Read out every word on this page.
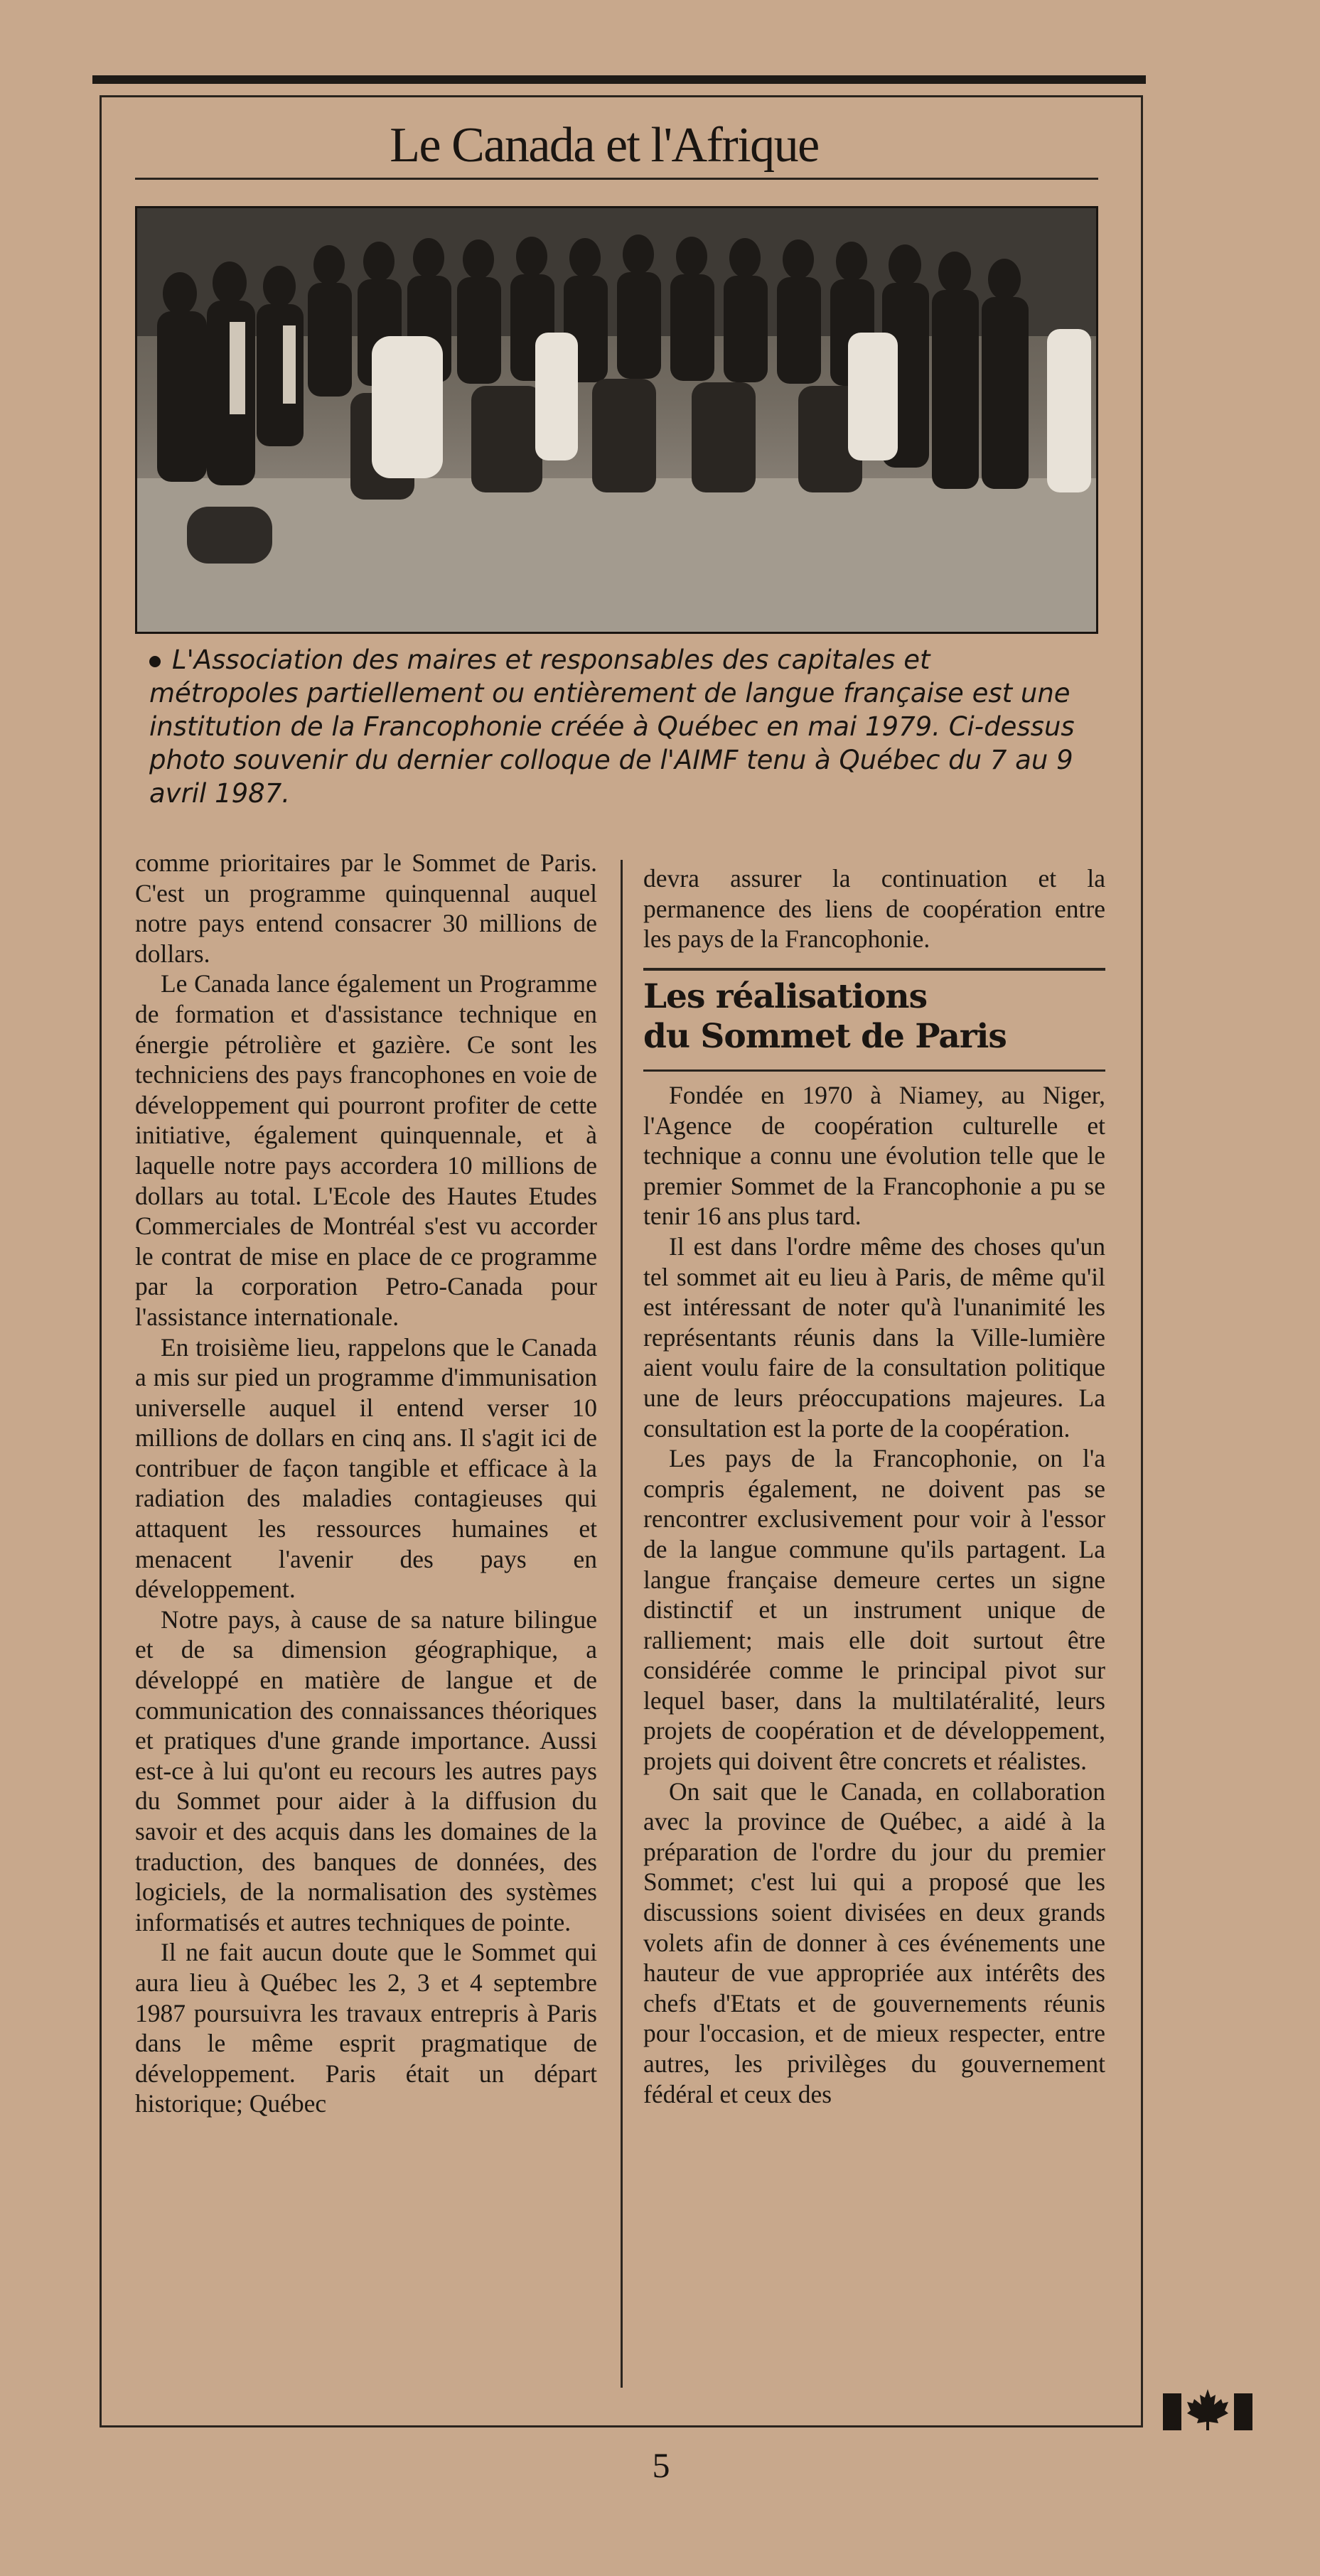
Le Canada et l'Afrique
L'Association des maires et responsables des capitales et métropoles partiellement ou entièrement de langue française est une institution de la Francophonie créée à Québec en mai 1979. Ci-dessus photo souvenir du dernier colloque de l'AIMF tenu à Québec du 7 au 9 avril 1987.

comme prioritaires par le Sommet de Paris. C'est un programme quinquennal auquel notre pays entend consacrer 30 millions de dollars.

Le Canada lance également un Programme de formation et d'assistance technique en énergie pétrolière et gazière. Ce sont les techniciens des pays francophones en voie de développement qui pourront profiter de cette initiative, également quinquennale, et à laquelle notre pays accordera 10 millions de dollars au total. L'Ecole des Hautes Etudes Commerciales de Montréal s'est vu accorder le contrat de mise en place de ce programme par la corporation Petro-Canada pour l'assistance internationale.

En troisième lieu, rappelons que le Canada a mis sur pied un programme d'immunisation universelle auquel il entend verser 10 millions de dollars en cinq ans. Il s'agit ici de contribuer de façon tangible et efficace à la radiation des maladies contagieuses qui attaquent les ressources humaines et menacent l'avenir des pays en développement.

Notre pays, à cause de sa nature bilingue et de sa dimension géographique, a développé en matière de langue et de communication des connaissances théoriques et pratiques d'une grande importance. Aussi est-ce à lui qu'ont eu recours les autres pays du Sommet pour aider à la diffusion du savoir et des acquis dans les domaines de la traduction, des banques de données, des logiciels, de la normalisation des systèmes informatisés et autres techniques de pointe.

Il ne fait aucun doute que le Sommet qui aura lieu à Québec les 2, 3 et 4 septembre 1987 poursuivra les travaux entrepris à Paris dans le même esprit pragmatique de développement. Paris était un départ historique; Québec

devra assurer la continuation et la permanence des liens de coopération entre les pays de la Francophonie.

Les réalisations
du Sommet de Paris

Fondée en 1970 à Niamey, au Niger, l'Agence de coopération culturelle et technique a connu une évolution telle que le premier Sommet de la Francophonie a pu se tenir 16 ans plus tard.

Il est dans l'ordre même des choses qu'un tel sommet ait eu lieu à Paris, de même qu'il est intéressant de noter qu'à l'unanimité les représentants réunis dans la Ville-lumière aient voulu faire de la consultation politique une de leurs préoccupations majeures. La consultation est la porte de la coopération.

Les pays de la Francophonie, on l'a compris également, ne doivent pas se rencontrer exclusivement pour voir à l'essor de la langue commune qu'ils partagent. La langue française demeure certes un signe distinctif et un instrument unique de ralliement; mais elle doit surtout être considérée comme le principal pivot sur lequel baser, dans la multilatéralité, leurs projets de coopération et de développement, projets qui doivent être concrets et réalistes.

On sait que le Canada, en collaboration avec la province de Québec, a aidé à la préparation de l'ordre du jour du premier Sommet; c'est lui qui a proposé que les discussions soient divisées en deux grands volets afin de donner à ces événements une hauteur de vue appropriée aux intérêts des chefs d'Etats et de gouvernements réunis pour l'occasion, et de mieux respecter, entre autres, les privilèges du gouvernement fédéral et ceux des

5
